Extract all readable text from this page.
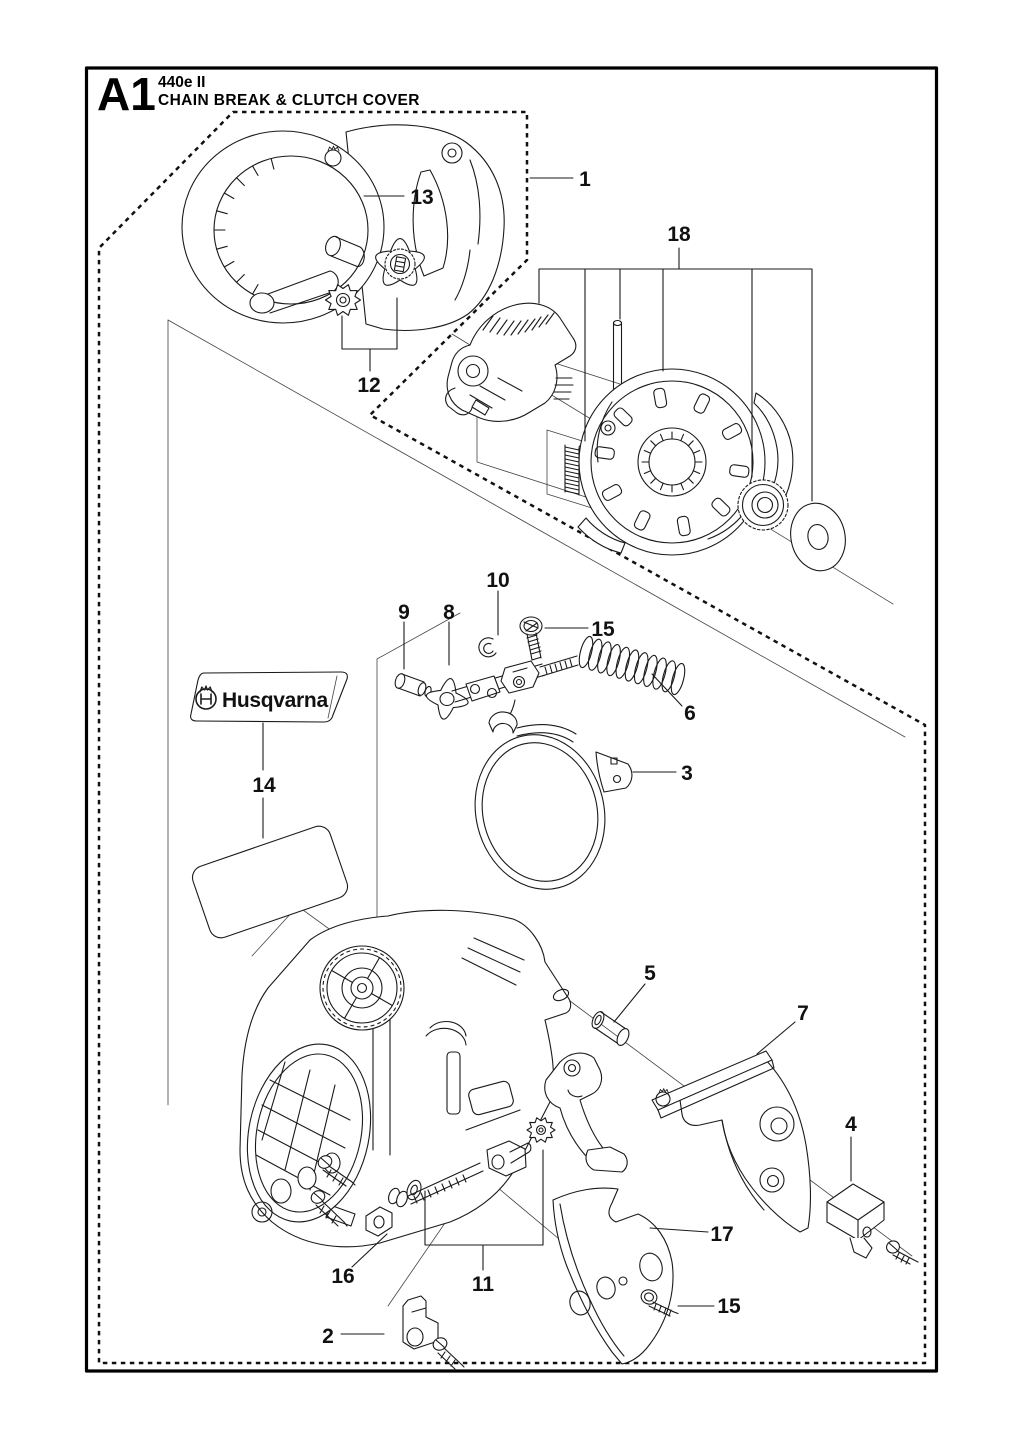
A1 440e II
CHAIN BREAK & CLUTCH COVER
Husqvarna
1
13
12
18
10
9 8
15
6
3
14
5
7
4
17
16	11
15
2
